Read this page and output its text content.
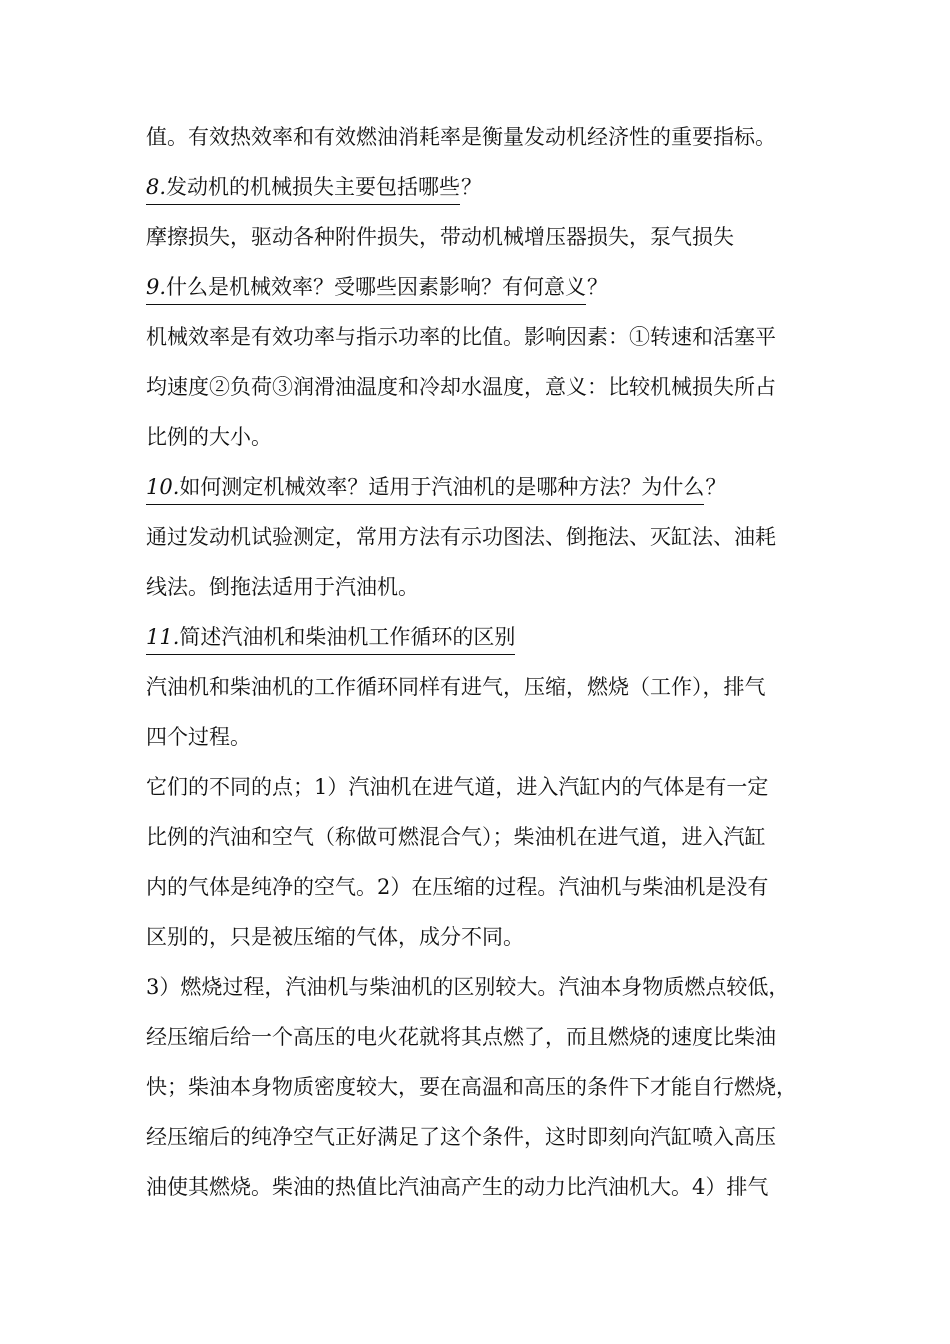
值。有效热效率和有效燃油消耗率是衡量发动机经济性的重要指标。
8.发动机的机械损失主要包括哪些？
摩擦损失，驱动各种附件损失，带动机械增压器损失，泵气损失
9.什么是机械效率？受哪些因素影响？有何意义？
机械效率是有效功率与指示功率的比值。影响因素：①转速和活塞平
均速度②负荷③润滑油温度和冷却水温度，意义：比较机械损失所占
比例的大小。
10.如何测定机械效率？适用于汽油机的是哪种方法？为什么？
通过发动机试验测定，常用方法有示功图法、倒拖法、灭缸法、油耗
线法。倒拖法适用于汽油机。
11.简述汽油机和柴油机工作循环的区别
汽油机和柴油机的工作循环同样有进气，压缩，燃烧（工作），排气
四个过程。
它们的不同的点；1）汽油机在进气道，进入汽缸内的气体是有一定
比例的汽油和空气（称做可燃混合气）；柴油机在进气道，进入汽缸
内的气体是纯净的空气。2）在压缩的过程。汽油机与柴油机是没有
区别的，只是被压缩的气体，成分不同。
3）燃烧过程，汽油机与柴油机的区别较大。汽油本身物质燃点较低，
经压缩后给一个高压的电火花就将其点燃了，而且燃烧的速度比柴油
快；柴油本身物质密度较大，要在高温和高压的条件下才能自行燃烧，
经压缩后的纯净空气正好满足了这个条件，这时即刻向汽缸喷入高压
油使其燃烧。柴油的热值比汽油高产生的动力比汽油机大。4）排气
